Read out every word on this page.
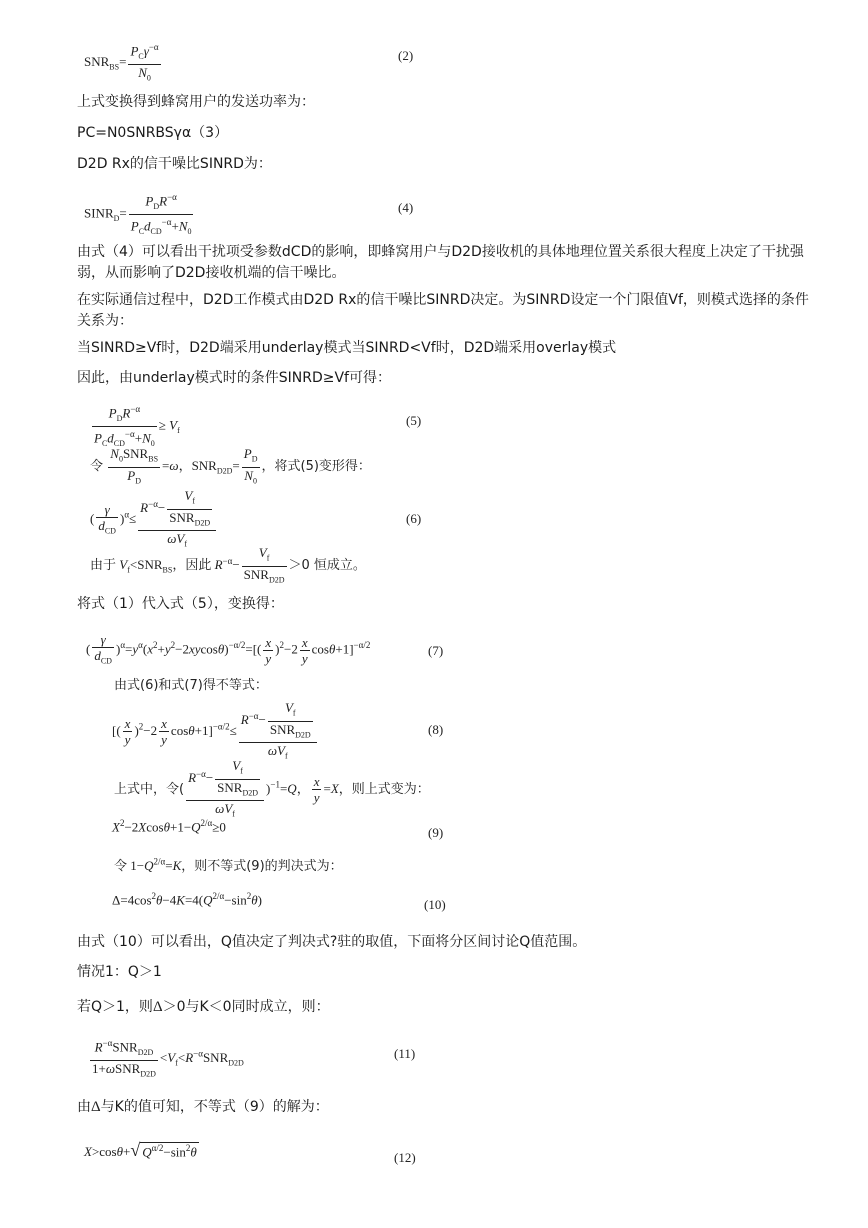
$SNR_{BS}= \frac{P_C\gamma^{-\alpha}}{N_0}$	(2)
上式变换得到蜂窝用户的发送功率为：
PC=N0SNRBSγα（3）
D2D Rx的信干噪比SINRD为：
$SINR_D= \frac{P_DR^{-\alpha}}{P_Cd_{CD}^{-\alpha}+N_0}$	(4)
由式（4）可以看出干扰项受参数dCD的影响，即蜂窝用户与D2D接收机的具体地理位置关系很大程度上决定了干扰强弱，从而影响了D2D接收机端的信干噪比。
在实际通信过程中，D2D工作模式由D2D Rx的信干噪比SINRD决定。为SINRD设定一个门限值Vf，则模式选择的条件关系为：
当SINRD≥Vf时，D2D端采用underlay模式当SINRD<Vf时，D2D端采用overlay模式
因此，由underlay模式时的条件SINRD≥Vf可得：
$\frac{P_DR^{-\alpha}}{P_Cd_{CD}^{-\alpha}+N_0} \ge V_f$
(5)
令 $\frac{N_0SNR_{BS}}{P_D} =\omega$，$SNR_{D2D}= \frac{P_D}{N_0}$ ，将式(5)变形得：
( $\frac{\gamma}{d_{CD}} )^\alpha\le \frac{R^{-\alpha}- \frac{V_f}{SNR_{D2D}}}{\omega V_f}$	(6)
由于 $V_f<SNR_{BS}$，因此 $R^{-\alpha}- \frac{V_f}{SNR_{D2D}} >0$ 恒成立。
将式（1）代入式（5），变换得：
( $\frac{\gamma}{d_{CD}} )^\alpha=y^\alpha(x^2+y^2-2xycos\theta)^{-\alpha/2}=[( \frac{x}{y} )^2-2 \frac{x}{y} \cos\theta+1]^{-\alpha/2}$	(7)
由式(6)和式(7)得不等式：
[( $\frac{x}{y} )^2-2 \frac{x}{y} \cos\theta+1]^{-\alpha/2}\le \frac{R^{-\alpha}- \frac{V_f}{SNR_{D2D}}}{\omega V_f}$	(8)
上式中，令( $\frac{R^{-\alpha}- \frac{V_f}{SNR_{D2D}}}{\omega V_f} )^{-1}=Q$， $\frac{x}{y} =X$，则上式变为：
$X^2-2Xcos\theta+1-Q^{2/\alpha}\ge 0$	(9)
令 $1-Q^{2/\alpha}=K$，则不等式(9)的判决式为：
$\Delta=4\cos^2\theta-4K=4(Q^{2/\alpha}-\sin^2\theta)$	(10)
由式（10）可以看出，Q值决定了判决式?驻的取值，下面将分区间讨论Q值范围。
情况1：Q＞1
若Q＞1，则Δ＞0与K＜0同时成立，则：
$\frac{R^{-\alpha}SNR_{D2D}}{1+\omega SNR_{D2D}} <V_f<R^{-\alpha}SNR_{D2D}$
(11)
由Δ与K的值可知，不等式（9）的解为：
X>cosθ+√ $Q^{\alpha/2}-\sin^2\theta$	(12)
